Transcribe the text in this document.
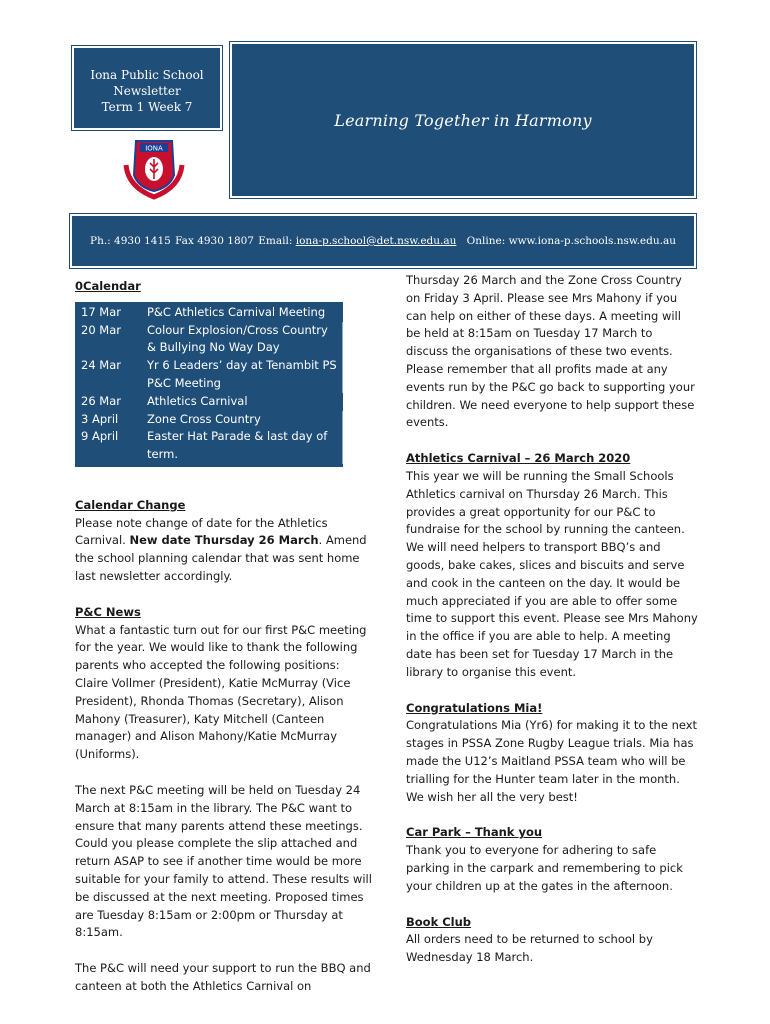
Iona Public School
Newsletter
Term 1 Week 7
IONA
Learning Together in Harmony
Ph.: 4930 1415 Fax 4930 1807 Email:
iona-p.school@det.nsw.edu.au Online: www.iona-p.schools.nsw.edu.au

0Calendar

17 Mar	P&C Athletics Carnival Meeting
20 Mar	Colour Explosion/Cross Country & Bullying No Way Day
24 Mar	Yr 6 Leaders’ day at Tenambit PS P&C Meeting
26 Mar	Athletics Carnival
3 April	Zone Cross Country
9 April	Easter Hat Parade & last day of term.

Calendar Change

Please note change of date for the Athletics Carnival. New date Thursday 26 March. Amend the school planning calendar that was sent home last newsletter accordingly.

P&C News

What a fantastic turn out for our first P&C meeting for the year. We would like to thank the following parents who accepted the following positions: Claire Vollmer (President), Katie McMurray (Vice President), Rhonda Thomas (Secretary), Alison Mahony (Treasurer), Katy Mitchell (Canteen manager) and Alison Mahony/Katie McMurray (Uniforms).

The next P&C meeting will be held on Tuesday 24 March at 8:15am in the library. The P&C want to ensure that many parents attend these meetings. Could you please complete the slip attached and return ASAP to see if another time would be more suitable for your family to attend. These results will be discussed at the next meeting. Proposed times are Tuesday 8:15am or 2:00pm or Thursday at 8:15am.

The P&C will need your support to run the BBQ and canteen at both the Athletics Carnival on

Thursday 26 March and the Zone Cross Country on Friday 3 April. Please see Mrs Mahony if you can help on either of these days. A meeting will be held at 8:15am on Tuesday 17 March to discuss the organisations of these two events. Please remember that all profits made at any events run by the P&C go back to supporting your children. We need everyone to help support these events.

Athletics Carnival – 26 March 2020

This year we will be running the Small Schools Athletics carnival on Thursday 26 March. This provides a great opportunity for our P&C to fundraise for the school by running the canteen. We will need helpers to transport BBQ’s and goods, bake cakes, slices and biscuits and serve and cook in the canteen on the day. It would be much appreciated if you are able to offer some time to support this event. Please see Mrs Mahony in the office if you are able to help. A meeting date has been set for Tuesday 17 March in the library to organise this event.

Congratulations Mia!

Congratulations Mia (Yr6) for making it to the next stages in PSSA Zone Rugby League trials. Mia has made the U12’s Maitland PSSA team who will be trialling for the Hunter team later in the month. We wish her all the very best!

Car Park – Thank you

Thank you to everyone for adhering to safe parking in the carpark and remembering to pick your children up at the gates in the afternoon.

Book Club

All orders need to be returned to school by Wednesday 18 March.
